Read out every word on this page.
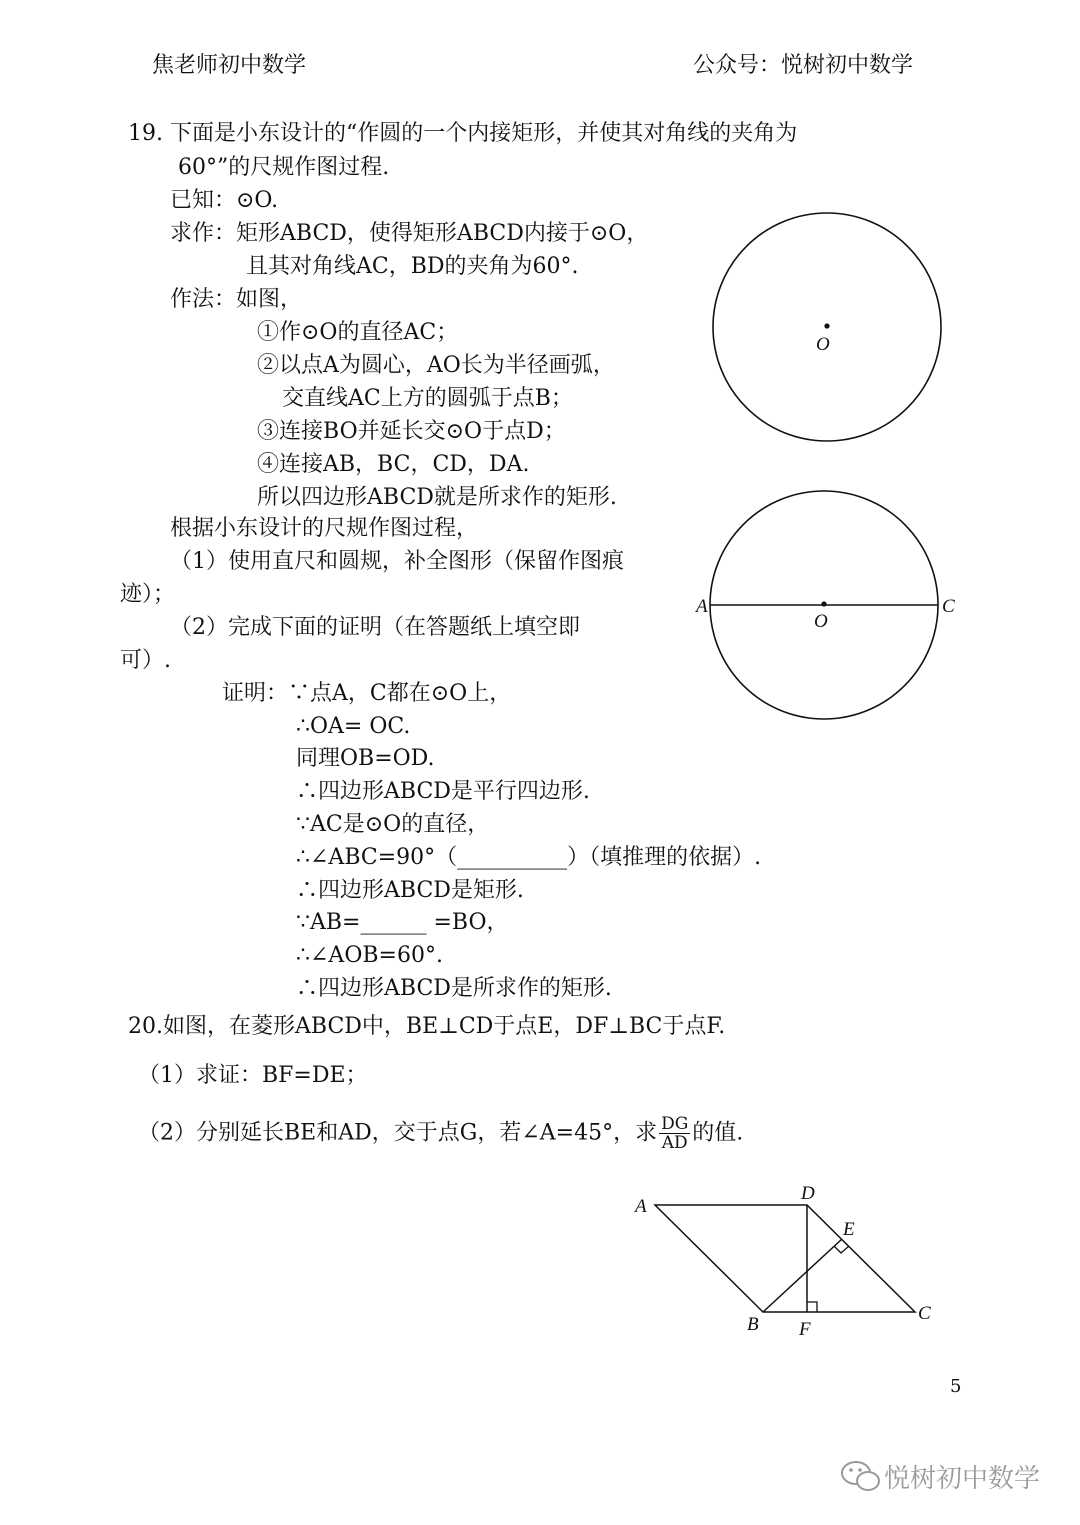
焦老师初中数学	公众号：悦树初中数学
19. 下面是小东设计的“作圆的一个内接矩形，并使其对角线的夹角为
60°”的尺规作图过程.
已知：⊙O.
求作：矩形ABCD，使得矩形ABCD内接于⊙O，
且其对角线AC，BD的夹角为60°.
作法：如图，
①作⊙O的直径AC；
②以点A为圆心，AO长为半径画弧，
交直线AC上方的圆弧于点B；
③连接BO并延长交⊙O于点D；
④连接AB，BC，CD，DA.
所以四边形ABCD就是所求作的矩形.
根据小东设计的尺规作图过程，
（1）使用直尺和圆规，补全图形（保留作图痕
迹）；
（2）完成下面的证明（在答题纸上填空即
可）.
证明：∵点A，C都在⊙O上，
∴OA= OC.
同理OB=OD.
∴四边形ABCD是平行四边形.
∵AC是⊙O的直径，
∴∠ABC=90°（__________）（填推理的依据）.
∴四边形ABCD是矩形.
∵AB=______ =BO，
∴∠AOB=60°.
∴四边形ABCD是所求作的矩形.
O
A	C
O
20.如图，在菱形ABCD中，BE⊥CD于点E，DF⊥BC于点F.
（1）求证：BF=DE；
（2）分别延长BE和AD，交于点G，若∠A=45°，求 $\frac{DG}{AD}$ 的值.
A
D
E
C
B F
5
悦树初中数学
